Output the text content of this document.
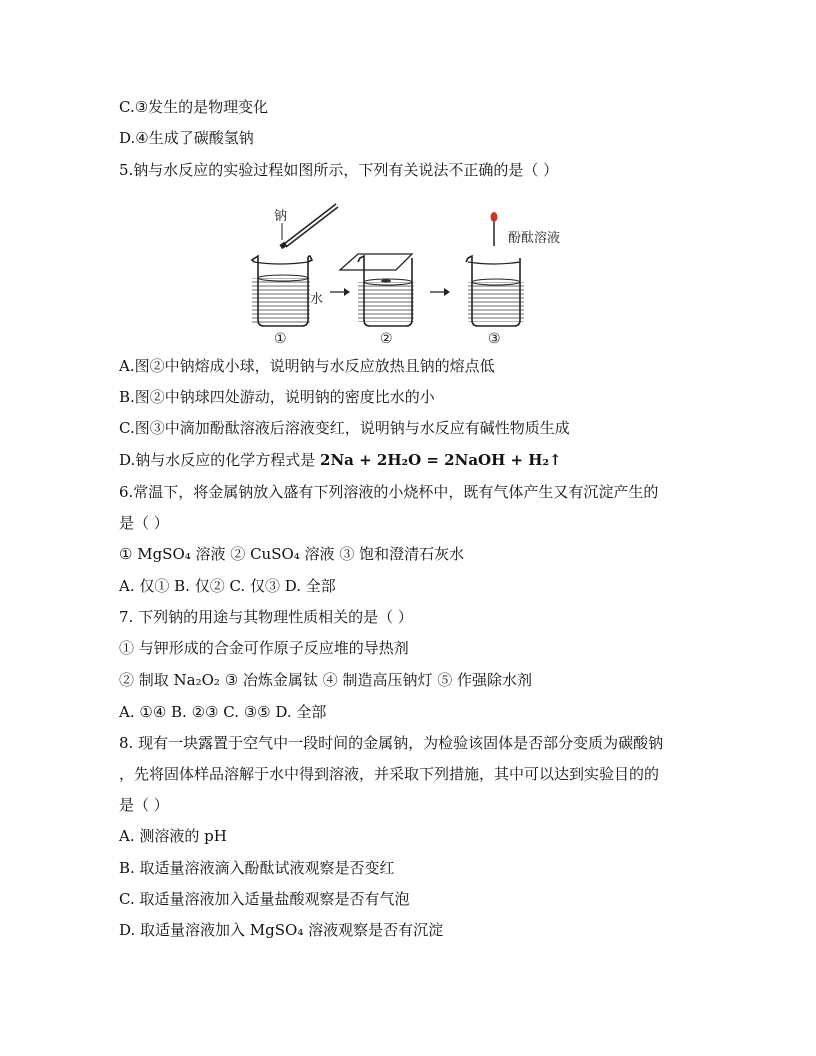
C.③发生的是物理变化
D.④生成了碳酸氢钠
5.钠与水反应的实验过程如图所示，下列有关说法不正确的是（ ）
钠
水
①	②
酚酞溶液
③
A.图②中钠熔成小球，说明钠与水反应放热且钠的熔点低
B.图②中钠球四处游动，说明钠的密度比水的小
C.图③中滴加酚酞溶液后溶液变红，说明钠与水反应有碱性物质生成
D.钠与水反应的化学方程式是 2Na + 2H₂O = 2NaOH + H₂↑
6.常温下，将金属钠放入盛有下列溶液的小烧杯中，既有气体产生又有沉淀产生的
是（ ）
① MgSO₄ 溶液 ② CuSO₄ 溶液 ③ 饱和澄清石灰水
A. 仅① B. 仅② C. 仅③ D. 全部
7. 下列钠的用途与其物理性质相关的是（ ）
① 与钾形成的合金可作原子反应堆的导热剂
② 制取 Na₂O₂ ③ 冶炼金属钛 ④ 制造高压钠灯 ⑤ 作强除水剂
A. ①④ B. ②③ C. ③⑤ D. 全部
8. 现有一块露置于空气中一段时间的金属钠，为检验该固体是否部分变质为碳酸钠
，先将固体样品溶解于水中得到溶液，并采取下列措施，其中可以达到实验目的的
是（ ）
A. 测溶液的 pH
B. 取适量溶液滴入酚酞试液观察是否变红
C. 取适量溶液加入适量盐酸观察是否有气泡
D. 取适量溶液加入 MgSO₄ 溶液观察是否有沉淀
